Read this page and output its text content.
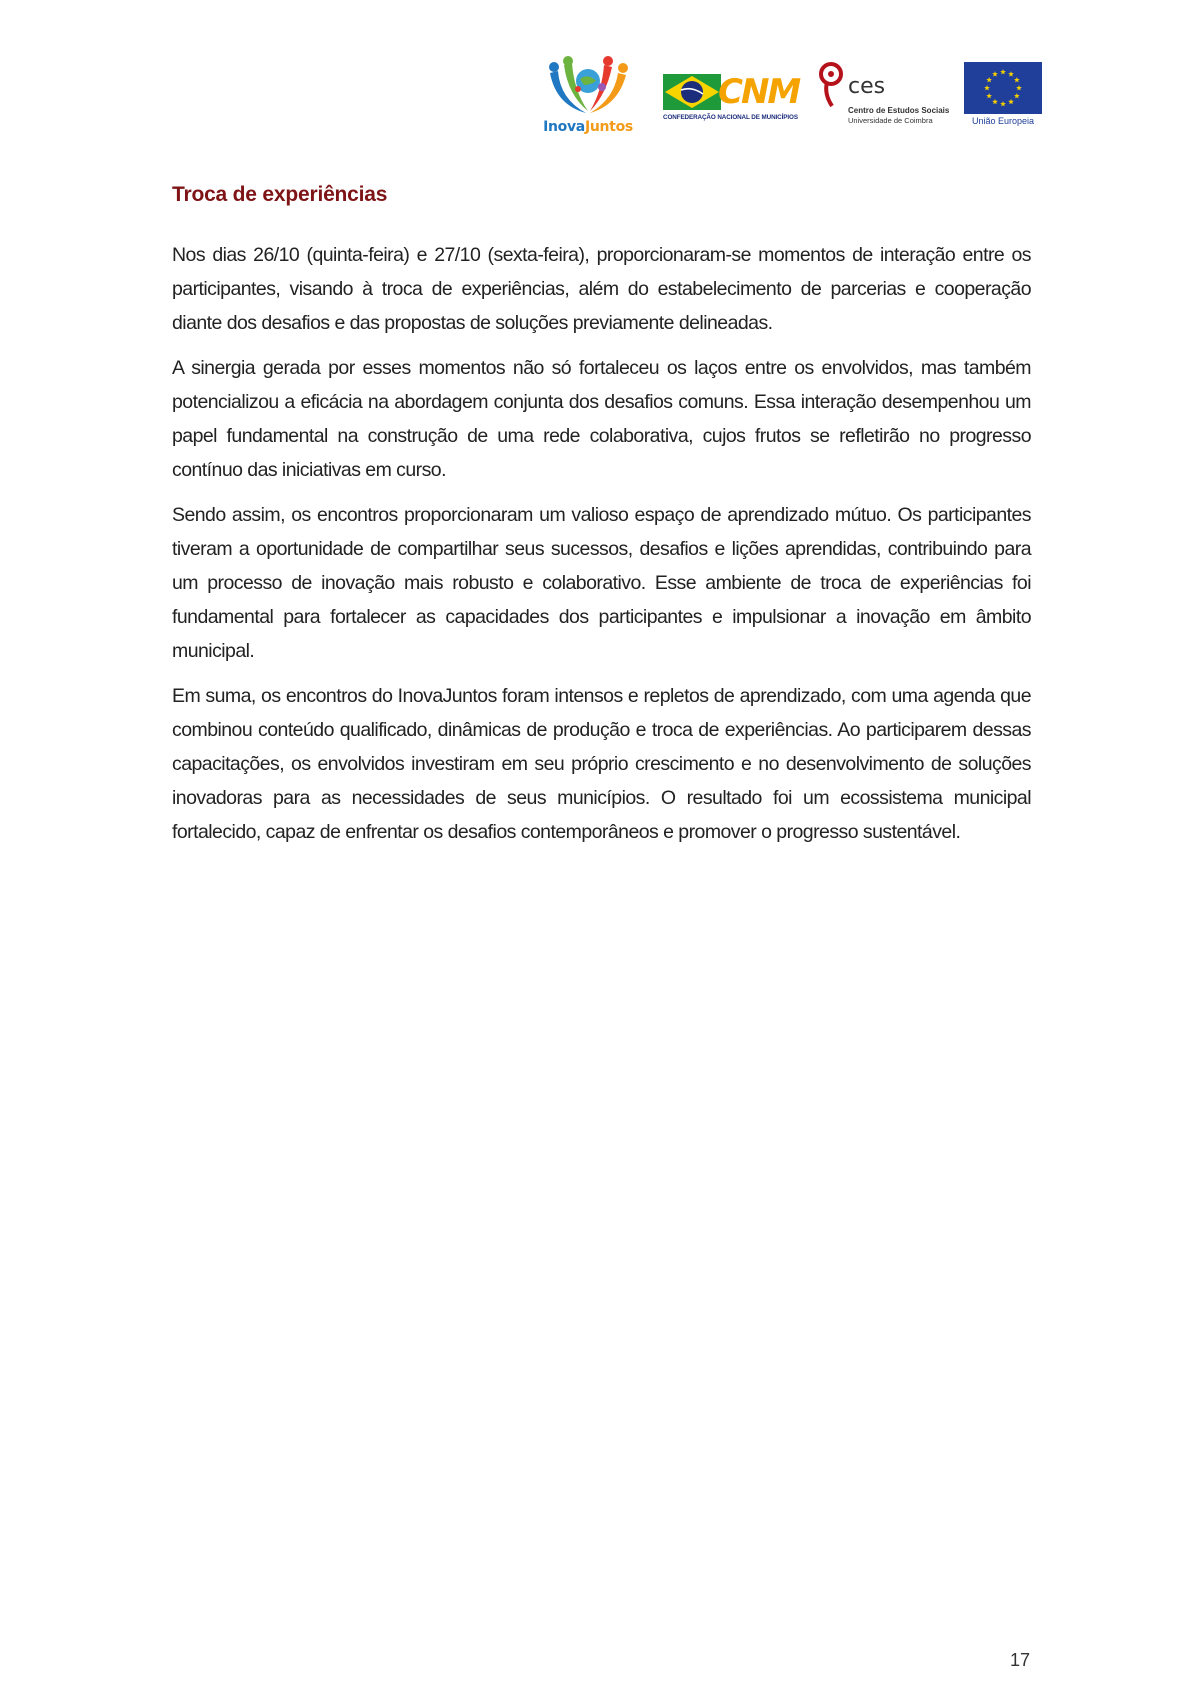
InovaJuntos
CNM
CONFEDERAÇÃO NACIONAL DE MUNICÍPIOS
ces
Centro de Estudos Sociais
Universidade de Coimbra	União Europeia
Troca de experiências

Nos dias 26/10 (quinta-feira) e 27/10 (sexta-feira), proporcionaram-se momentos de interação entre os participantes, visando à troca de experiências, além do estabelecimento de parcerias e cooperação diante dos desafios e das propostas de soluções previamente delineadas.

A sinergia gerada por esses momentos não só fortaleceu os laços entre os envolvidos, mas também potencializou a eficácia na abordagem conjunta dos desafios comuns. Essa interação desempenhou um papel fundamental na construção de uma rede colaborativa, cujos frutos se refletirão no progresso contínuo das iniciativas em curso.

Sendo assim, os encontros proporcionaram um valioso espaço de aprendizado mútuo. Os participantes tiveram a oportunidade de compartilhar seus sucessos, desafios e lições aprendidas, contribuindo para um processo de inovação mais robusto e colaborativo. Esse ambiente de troca de experiências foi fundamental para fortalecer as capacidades dos participantes e impulsionar a inovação em âmbito municipal.

Em suma, os encontros do InovaJuntos foram intensos e repletos de aprendizado, com uma agenda que combinou conteúdo qualificado, dinâmicas de produção e troca de experiências. Ao participarem dessas capacitações, os envolvidos investiram em seu próprio crescimento e no desenvolvimento de soluções inovadoras para as necessidades de seus municípios. O resultado foi um ecossistema municipal fortalecido, capaz de enfrentar os desafios contemporâneos e promover o progresso sustentável.

17
